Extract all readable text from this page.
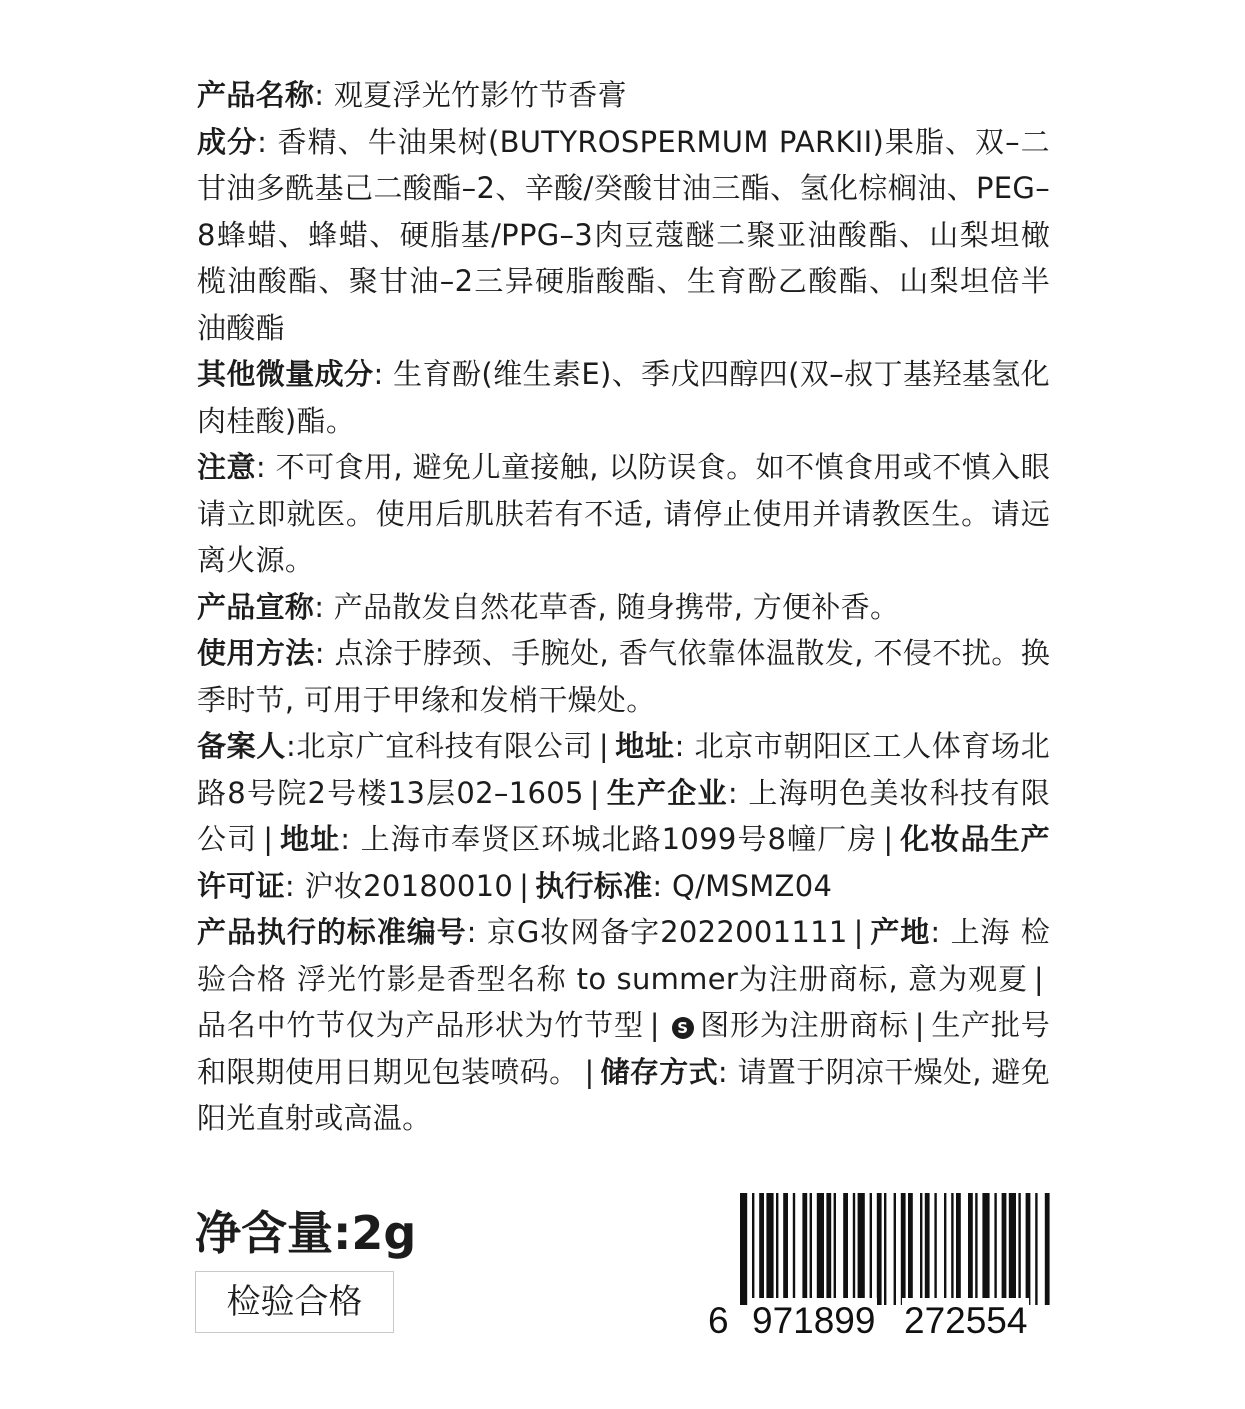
产品名称: 观夏浮光竹影竹节香膏

成分: 香精、牛油果树(BUTYROSPERMUM PARKII)果脂、双–二甘油多酰基己二酸酯–2、辛酸/癸酸甘油三酯、氢化棕榈油、PEG–8蜂蜡、蜂蜡、硬脂基/PPG–3肉豆蔻醚二聚亚油酸酯、山梨坦橄榄油酸酯、聚甘油–2三异硬脂酸酯、生育酚乙酸酯、山梨坦倍半油酸酯

其他微量成分: 生育酚(维生素E)、季戊四醇四(双–叔丁基羟基氢化肉桂酸)酯。

注意: 不可食用, 避免儿童接触, 以防误食。如不慎食用或不慎入眼请立即就医。使用后肌肤若有不适, 请停止使用并请教医生。请远离火源。

产品宣称: 产品散发自然花草香, 随身携带, 方便补香。

使用方法: 点涂于脖颈、手腕处, 香气依靠体温散发, 不侵不扰。换季时节, 可用于甲缘和发梢干燥处。

备案人:北京广宜科技有限公司 | 地址: 北京市朝阳区工人体育场北路8号院2号楼13层02–1605 | 生产企业: 上海明色美妆科技有限公司 | 地址: 上海市奉贤区环城北路1099号8幢厂房 | 化妆品生产许可证: 沪妆20180010 | 执行标准: Q/MSMZ04

产品执行的标准编号: 京G妆网备字2022001111 | 产地: 上海 检验合格 浮光竹影是香型名称 to summer为注册商标, 意为观夏 |品名中竹节仅为产品形状为竹节型 | S 图形为注册商标 | 生产批号和限期使用日期见包装喷码。 | 储存方式: 请置于阴凉干燥处, 避免阳光直射或高温。

净含量:2g
检验合格	6 971899 272554
